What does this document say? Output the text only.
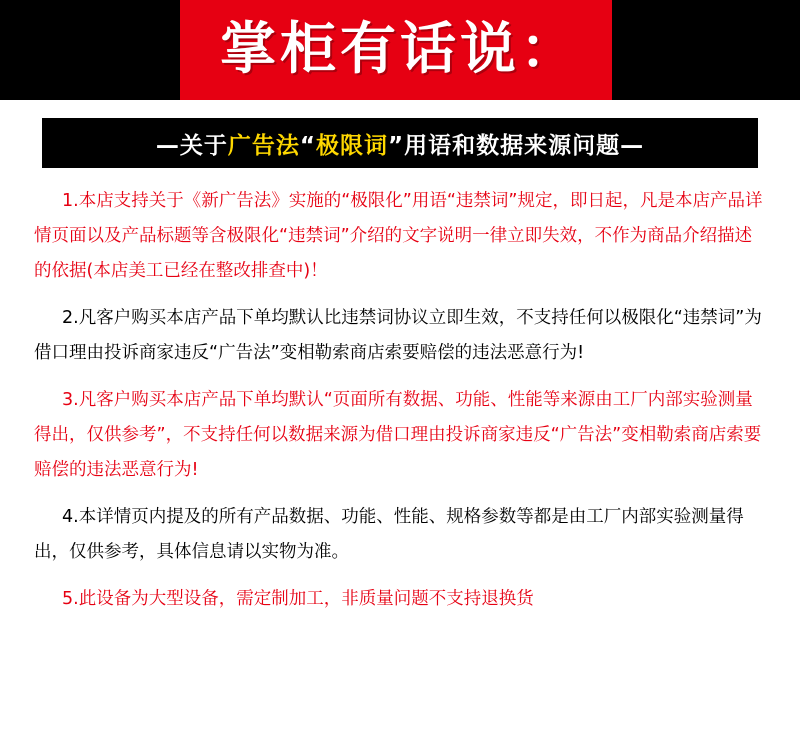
掌柜有话说：
—关于广告法“极限词”用语和数据来源问题—

1.本店支持关于《新广告法》实施的“极限化”用语“违禁词”规定，即日起，凡是本店产品详情页面以及产品标题等含极限化“违禁词”介绍的文字说明一律立即失效，不作为商品介绍描述的依据(本店美工已经在整改排查中)！

2.凡客户购买本店产品下单均默认比违禁词协议立即生效，不支持任何以极限化“违禁词”为借口理由投诉商家违反“广告法”变相勒索商店索要赔偿的违法恶意行为!

3.凡客户购买本店产品下单均默认“页面所有数据、功能、性能等来源由工厂内部实验测量得出，仅供参考”，不支持任何以数据来源为借口理由投诉商家违反“广告法”变相勒索商店索要赔偿的违法恶意行为!

4.本详情页内提及的所有产品数据、功能、性能、规格参数等都是由工厂内部实验测量得出，仅供参考，具体信息请以实物为准。

5.此设备为大型设备，需定制加工，非质量问题不支持退换货
